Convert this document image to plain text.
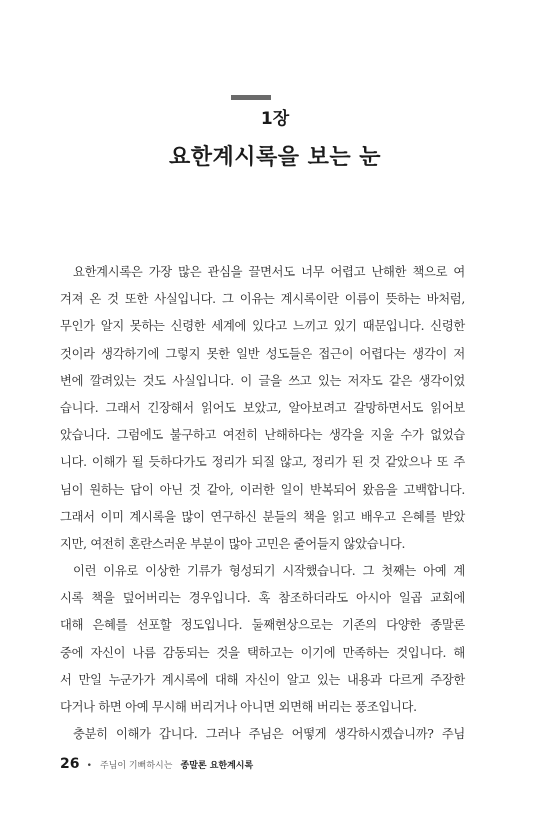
1장
요한계시록을 보는 눈
요한계시록은 가장 많은 관심을 끌면서도 너무 어렵고 난해한 책으로 여
겨져 온 것 또한 사실입니다. 그 이유는 계시록이란 이름이 뜻하는 바처럼,
무인가 알지 못하는 신령한 세계에 있다고 느끼고 있기 때문입니다. 신령한
것이라 생각하기에 그렇지 못한 일반 성도들은 접근이 어렵다는 생각이 저
변에 깔려있는 것도 사실입니다. 이 글을 쓰고 있는 저자도 같은 생각이었
습니다. 그래서 긴장해서 읽어도 보았고, 알아보려고 갈망하면서도 읽어보
았습니다. 그럼에도 불구하고 여전히 난해하다는 생각을 지울 수가 없었습
니다. 이해가 될 듯하다가도 정리가 되질 않고, 정리가 된 것 같았으나 또 주
님이 원하는 답이 아닌 것 같아, 이러한 일이 반복되어 왔음을 고백합니다.
그래서 이미 계시록을 많이 연구하신 분들의 책을 읽고 배우고 은혜를 받았
지만, 여전히 혼란스러운 부분이 많아 고민은 줄어들지 않았습니다.
이런 이유로 이상한 기류가 형성되기 시작했습니다. 그 첫째는 아예 계
시록 책을 덮어버리는 경우입니다. 혹 참조하더라도 아시아 일곱 교회에
대해 은혜를 선포할 정도입니다. 둘째현상으로는 기존의 다양한 종말론
중에 자신이 나름 감동되는 것을 택하고는 이기에 만족하는 것입니다. 해
서 만일 누군가가 계시록에 대해 자신이 알고 있는 내용과 다르게 주장한
다거나 하면 아예 무시해 버리거나 아니면 외면해 버리는 풍조입니다.
충분히 이해가 갑니다. 그러나 주님은 어떻게 생각하시겠습니까? 주님
26 • 주님이 기뻐하시는 종말론 요한계시록
